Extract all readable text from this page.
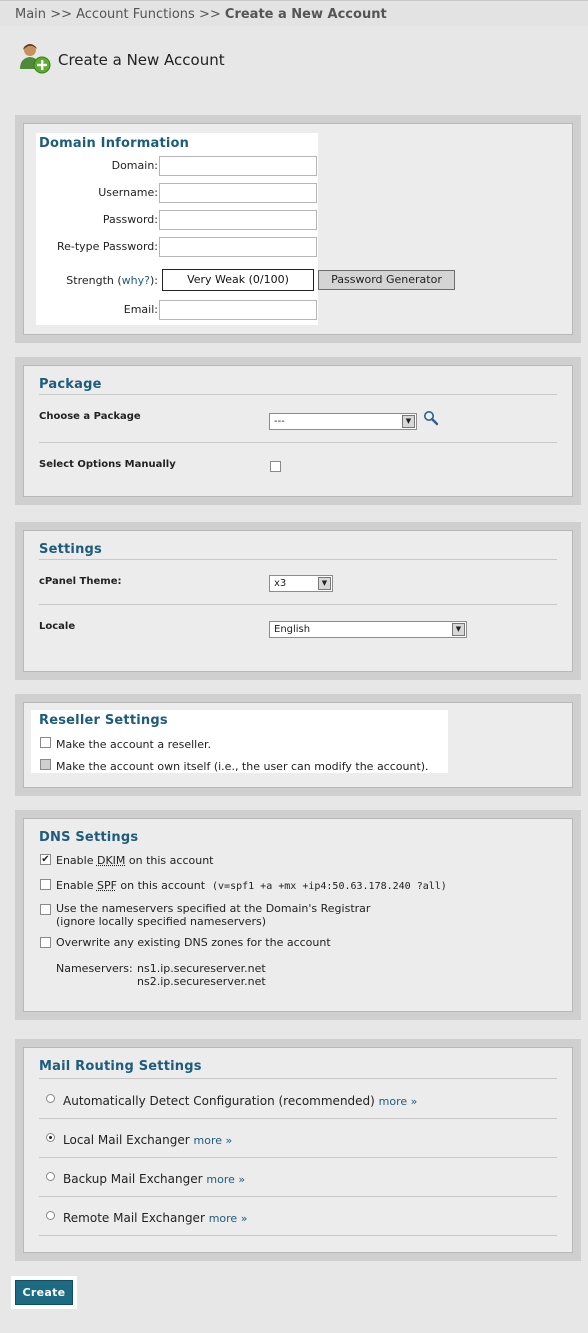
Main >> Account Functions >> Create a New Account
Create a New Account
Domain Information
Domain:
Username:
Password:
Re-type Password:
Strength (why?):	Very Weak (0/100)
Email:
Password Generator
Package
Choose a Package	---	▼
Select Options Manually
Settings
cPanel Theme:	x3	▼
Locale	English	▼
Reseller Settings
Make the account a reseller.
Make the account own itself (i.e., the user can modify the account).
DNS Settings
✔ Enable DKIM on this account
Enable SPF on this account (v=spf1 +a +mx +ip4:50.63.178.240 ?all)
Use the nameservers specified at the Domain's Registrar
(ignore locally specified nameservers)
Overwrite any existing DNS zones for the account
Nameservers: ns1.ip.secureserver.net
ns2.ip.secureserver.net
Mail Routing Settings
Automatically Detect Configuration (recommended) more »
Local Mail Exchanger more »
Backup Mail Exchanger more »
Remote Mail Exchanger more »
Create
